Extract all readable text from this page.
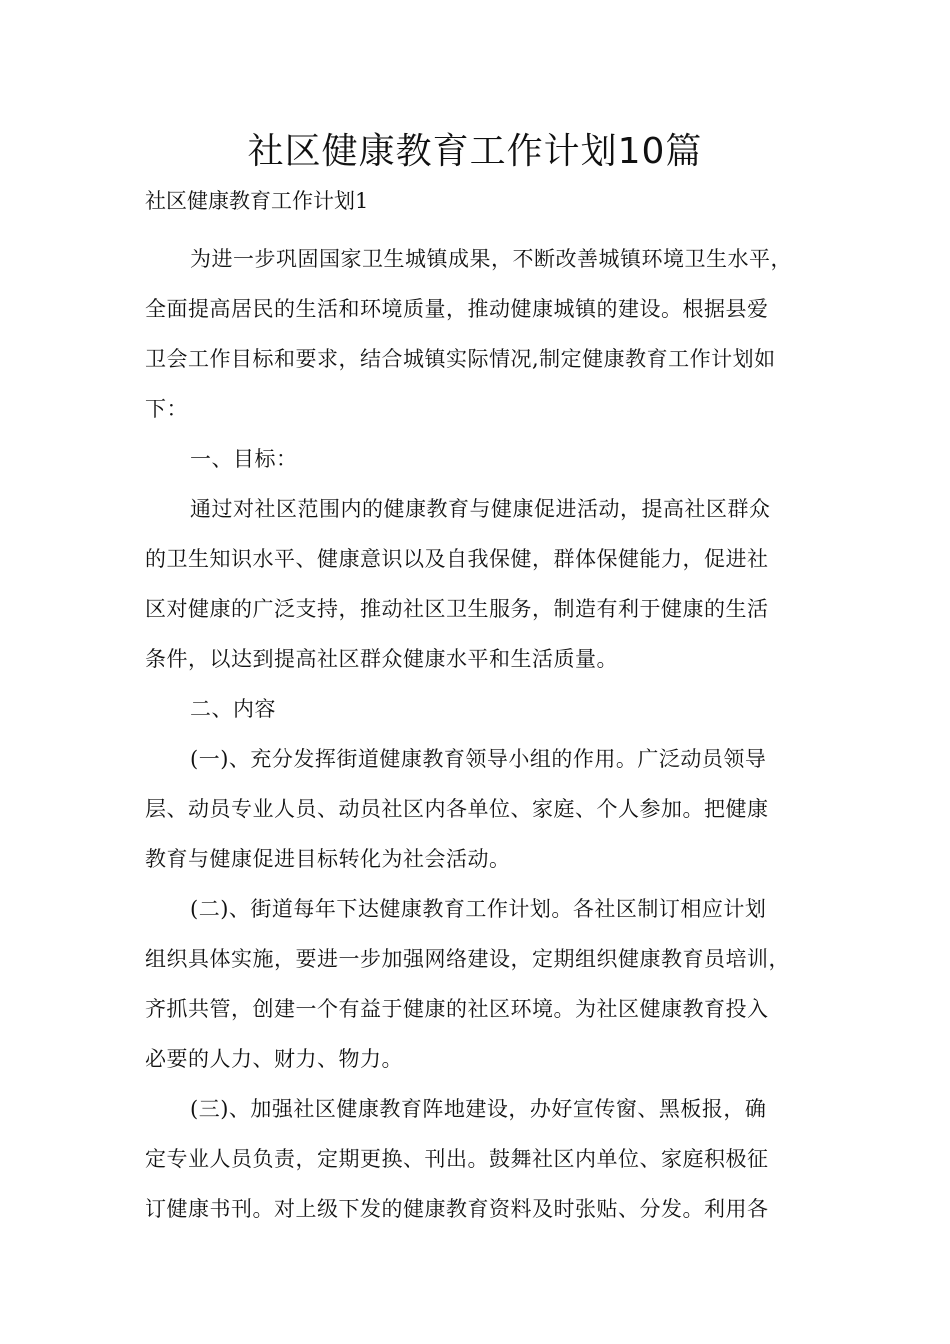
社区健康教育工作计划10篇

社区健康教育工作计划1

为进一步巩固国家卫生城镇成果，不断改善城镇环境卫生水平，
全面提高居民的生活和环境质量，推动健康城镇的建设。根据县爱
卫会工作目标和要求，结合城镇实际情况,制定健康教育工作计划如
下：

一、目标：

通过对社区范围内的健康教育与健康促进活动，提高社区群众
的卫生知识水平、健康意识以及自我保健，群体保健能力，促进社
区对健康的广泛支持，推动社区卫生服务，制造有利于健康的生活
条件，以达到提高社区群众健康水平和生活质量。

二、内容

(一)、充分发挥街道健康教育领导小组的作用。广泛动员领导
层、动员专业人员、动员社区内各单位、家庭、个人参加。把健康
教育与健康促进目标转化为社会活动。

(二)、街道每年下达健康教育工作计划。各社区制订相应计划
组织具体实施，要进一步加强网络建设，定期组织健康教育员培训，
齐抓共管，创建一个有益于健康的社区环境。为社区健康教育投入
必要的人力、财力、物力。

(三)、加强社区健康教育阵地建设，办好宣传窗、黑板报，确
定专业人员负责，定期更换、刊出。鼓舞社区内单位、家庭积极征
订健康书刊。对上级下发的健康教育资料及时张贴、分发。利用各
